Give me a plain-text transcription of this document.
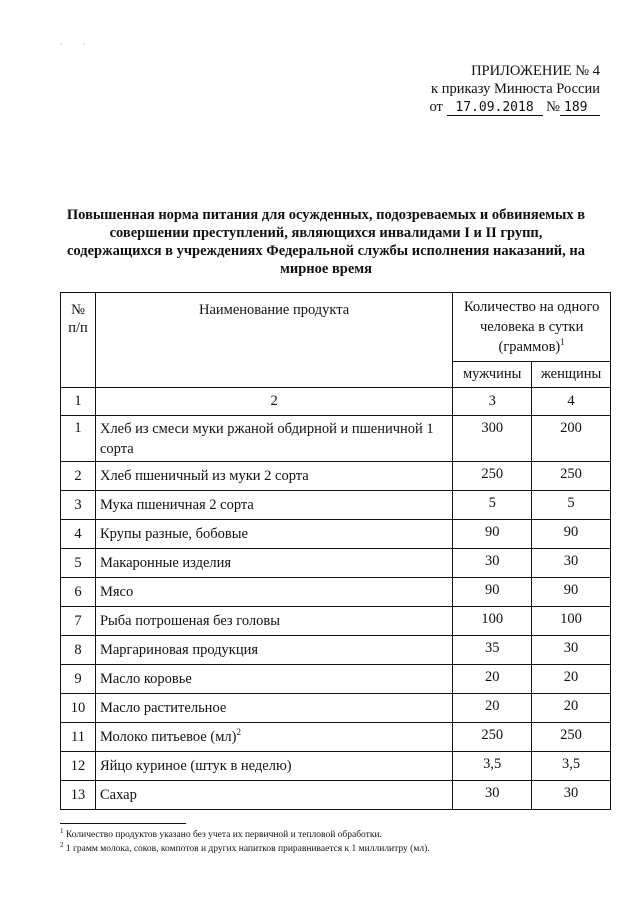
·          ·
ПРИЛОЖЕНИЕ № 4
к приказу Минюста России
от 17.09.2018 № 189
Повышенная норма питания для осужденных, подозреваемых и обвиняемых в совершении преступлений, являющихся инвалидами I и II групп, содержащихся в учреждениях Федеральной службы исполнения наказаний, на мирное время
№ п/п	Наименование продукта	Количество на одного человека в сутки (граммов)$^1$
		мужчины	женщины
1	2	3	4
1	Хлеб из смеси муки ржаной обдирной и пшеничной 1 сорта	300	200
2	Хлеб пшеничный из муки 2 сорта	250	250
3	Мука пшеничная 2 сорта	5	5
4	Крупы разные, бобовые	90	90
5	Макаронные изделия	30	30
6	Мясо	90	90
7	Рыба потрошеная без головы	100	100
8	Маргариновая продукция	35	30
9	Масло коровье	20	20
10	Масло растительное	20	20
11	Молоко питьевое (мл)$^2$	250	250
12	Яйцо куриное (штук в неделю)	3,5	3,5
13	Сахар	30	30
$^1$ Количество продуктов указано без учета их первичной и тепловой обработки.
$^2$ 1 грамм молока, соков, компотов и других напитков приравнивается к 1 миллилитру (мл).
